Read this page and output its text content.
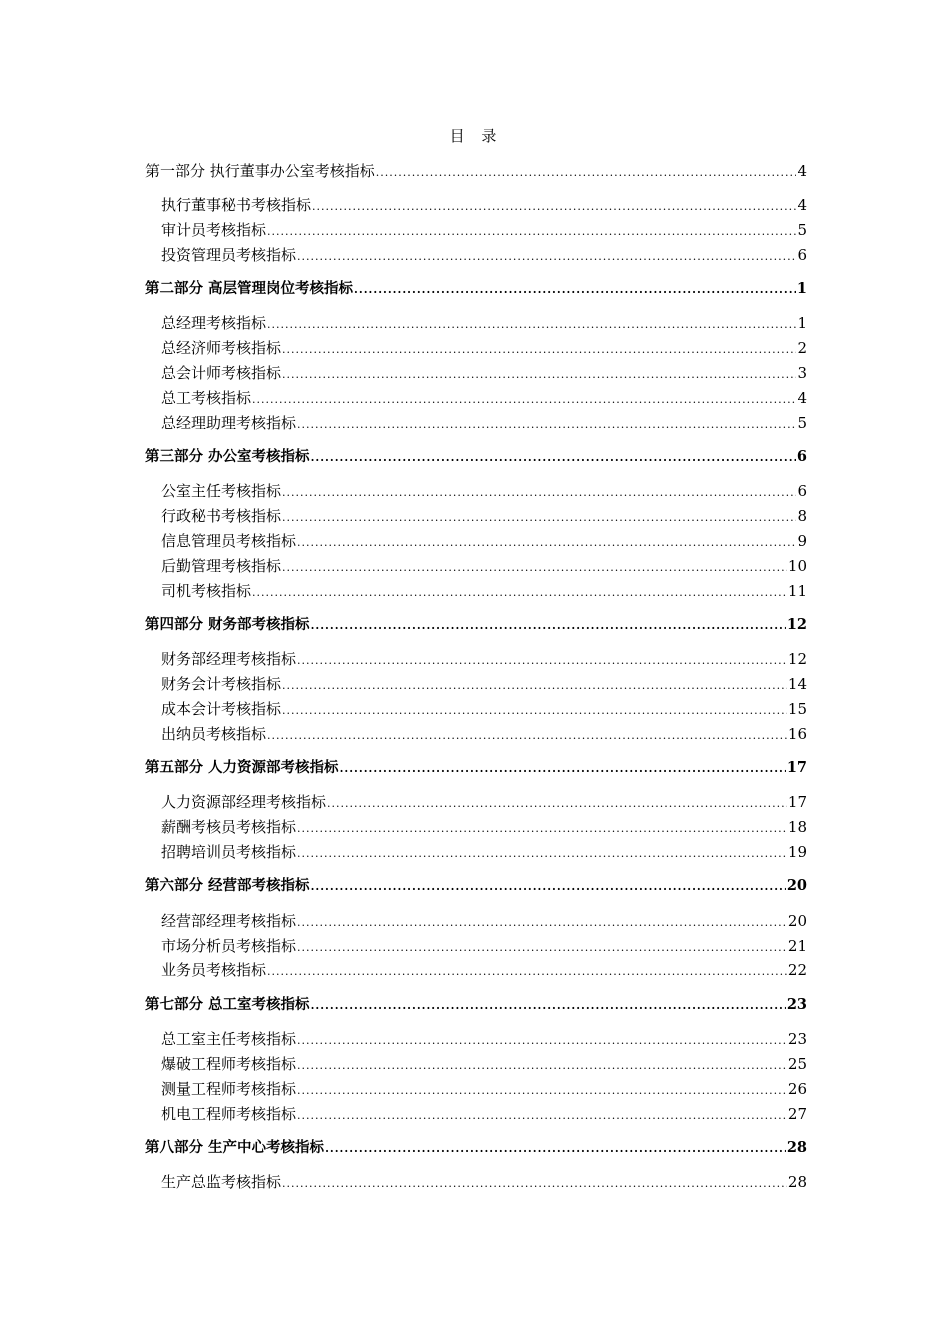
目 录
第一部分 执行董事办公室考核指标 .....	4
执行董事秘书考核指标 .....	4
审计员考核指标 .....	5
投资管理员考核指标 .....	6
第二部分 高层管理岗位考核指标 .....	1
总经理考核指标 .....	1
总经济师考核指标 .....	2
总会计师考核指标 .....	3
总工考核指标 .....	4
总经理助理考核指标 .....	5
第三部分 办公室考核指标 .....	6
公室主任考核指标 .....	6
行政秘书考核指标 .....	8
信息管理员考核指标 .....	9
后勤管理考核指标 .....	10
司机考核指标 .....	11
第四部分 财务部考核指标 .....	12
财务部经理考核指标 .....	12
财务会计考核指标 .....	14
成本会计考核指标 .....	15
出纳员考核指标 .....	16
第五部分 人力资源部考核指标 .....	17
人力资源部经理考核指标 .....	17
薪酬考核员考核指标 .....	18
招聘培训员考核指标 .....	19
第六部分 经营部考核指标 .....	20
经营部经理考核指标 .....	20
市场分析员考核指标 .....	21
业务员考核指标 .....	22
第七部分 总工室考核指标 .....	23
总工室主任考核指标 .....	23
爆破工程师考核指标 .....	25
测量工程师考核指标 .....	26
机电工程师考核指标 .....	27
第八部分 生产中心考核指标 .....	28
生产总监考核指标 .....	28
